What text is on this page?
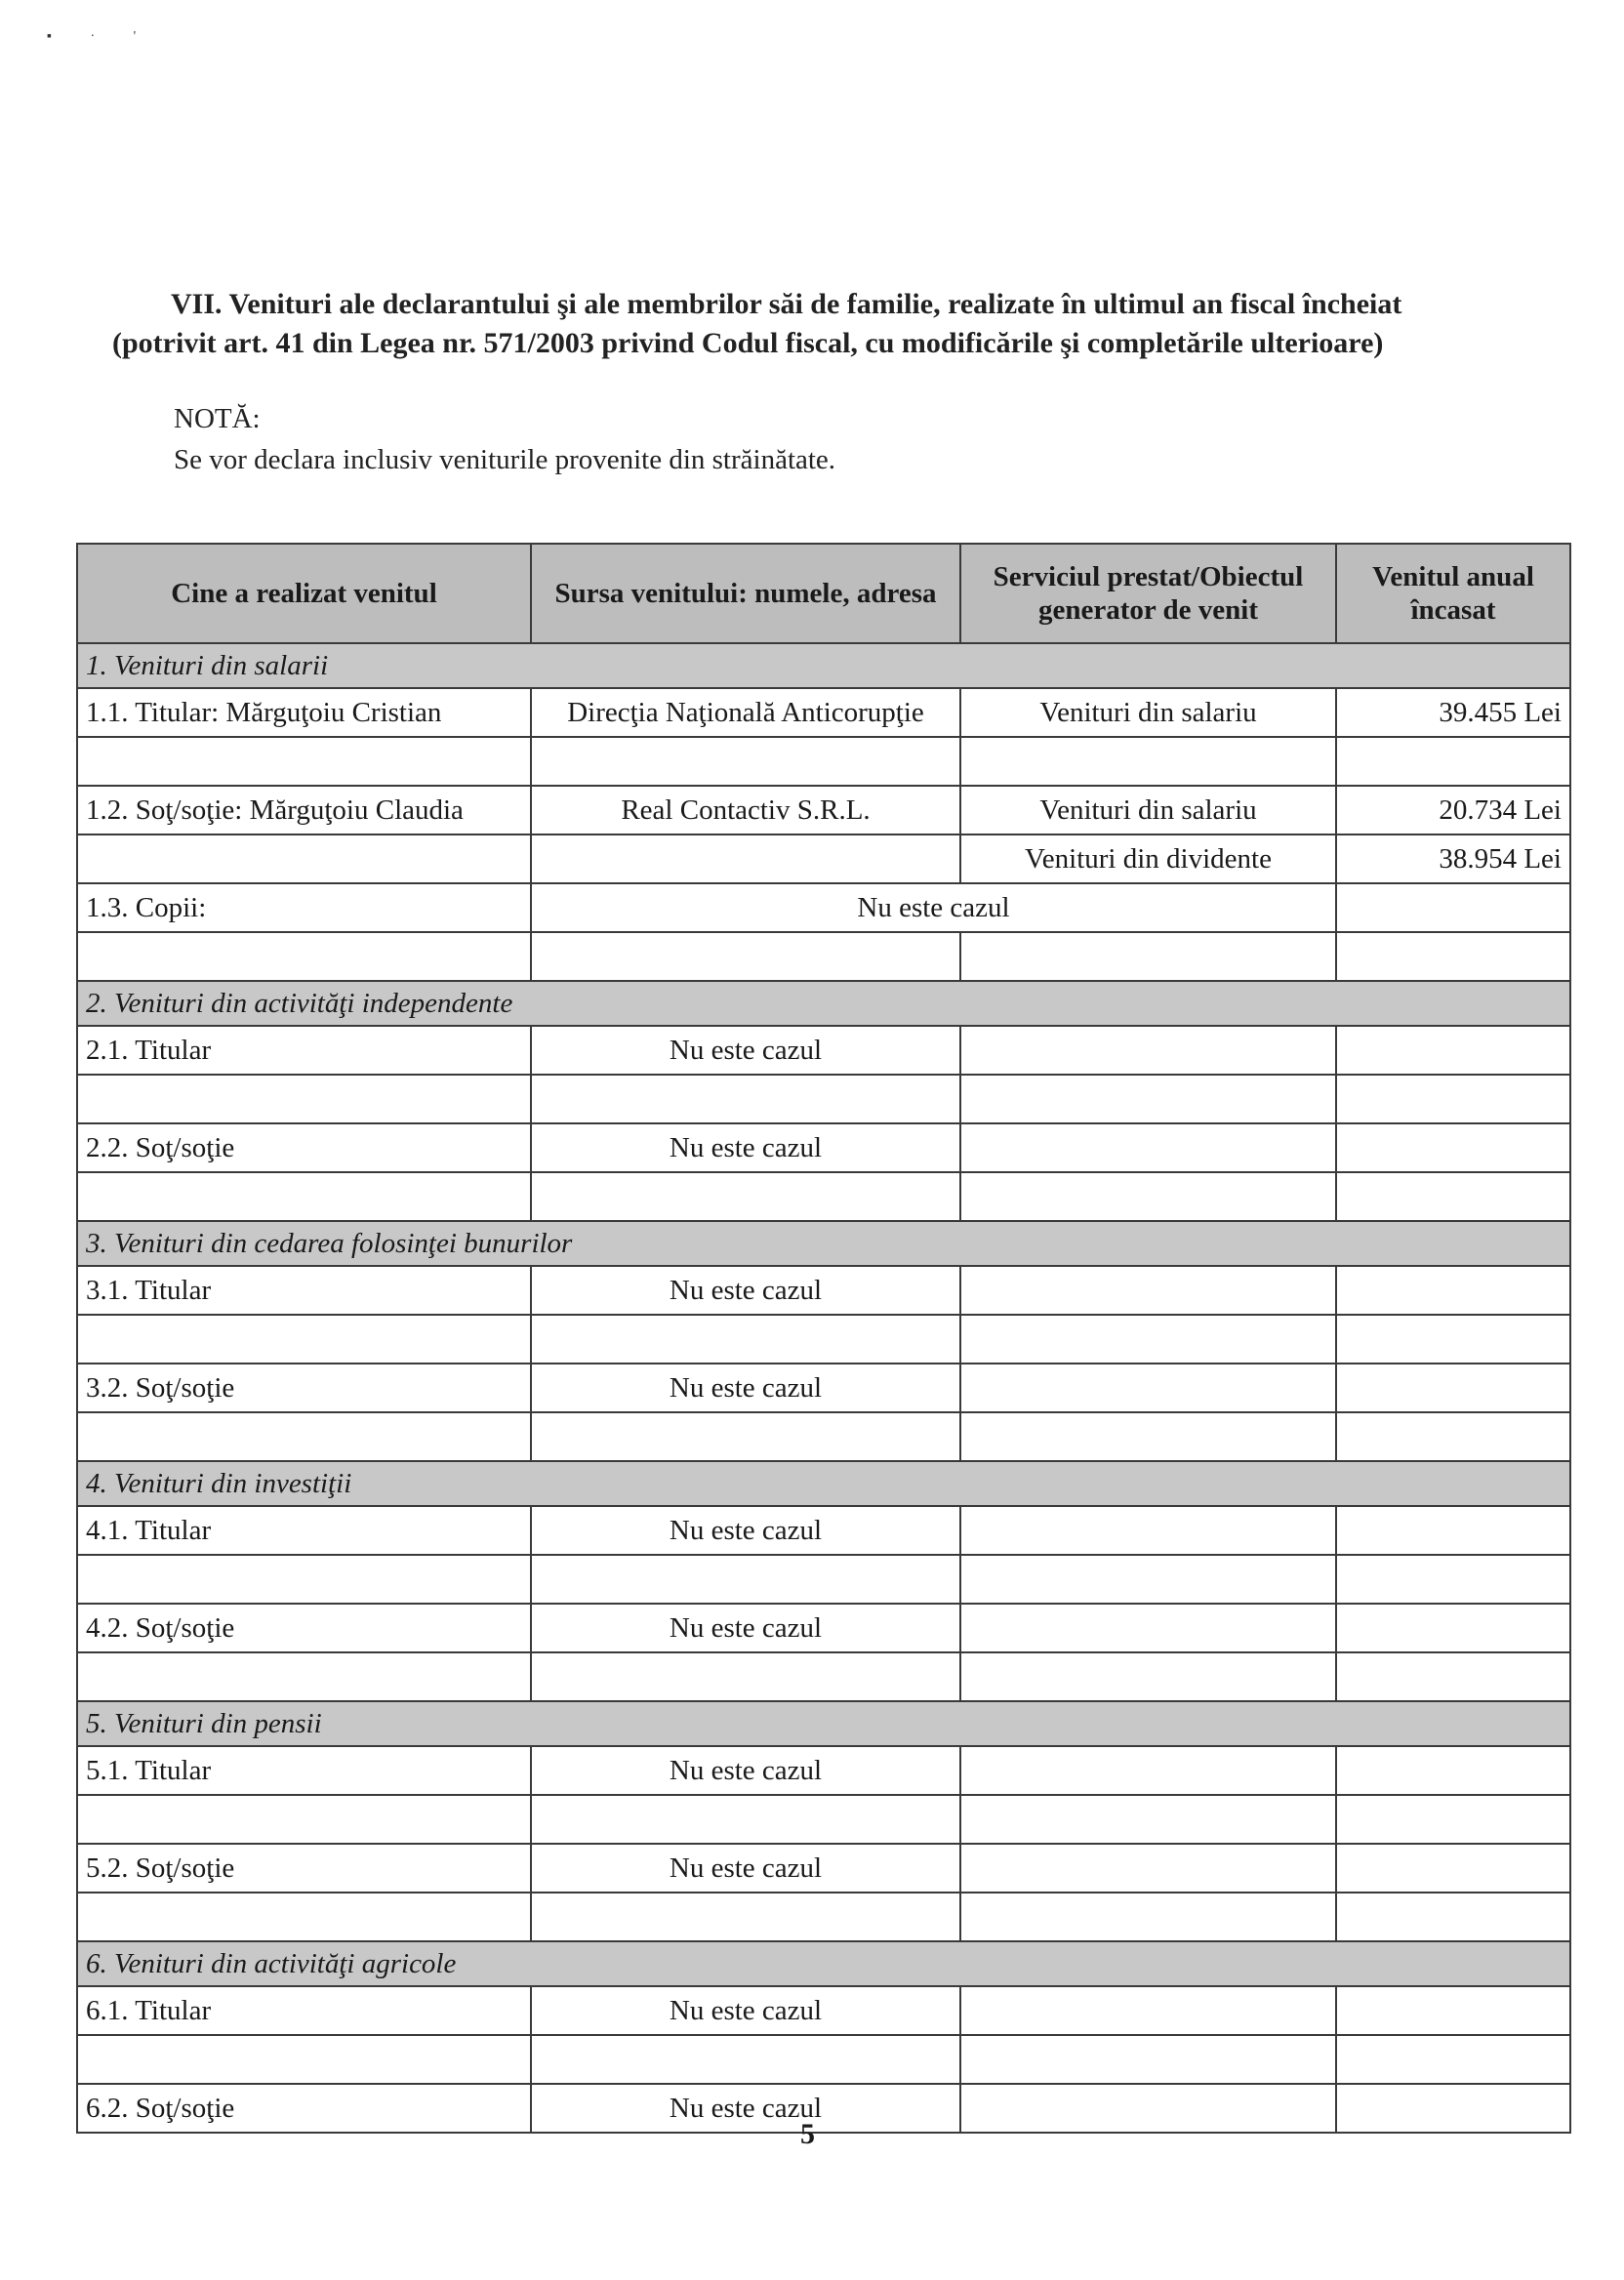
▪ · '
VII. Venituri ale declarantului şi ale membrilor săi de familie, realizate în ultimul an fiscal încheiat
(potrivit art. 41 din Legea nr. 571/2003 privind Codul fiscal, cu modificările şi completările ulterioare)
NOTĂ:
Se vor declara inclusiv veniturile provenite din străinătate.
Cine a realizat venitul	Sursa venitului: numele, adresa	Serviciul prestat/Obiectul generator de venit	Venitul anual încasat
1. Venituri din salarii			
1.1. Titular: Mărguţoiu Cristian	Direcţia Naţională Anticorupţie	Venituri din salariu	39.455 Lei

1.2. Soţ/soţie: Mărguţoiu Claudia	Real Contactiv S.R.L.	Venituri din salariu	20.734 Lei
		Venituri din dividente	38.954 Lei
1.3. Copii:	Nu este cazul		

2. Venituri din activităţi independente			
2.1. Titular	Nu este cazul		

2.2. Soţ/soţie	Nu este cazul		

3. Venituri din cedarea folosinţei bunurilor			
3.1. Titular	Nu este cazul		

3.2. Soţ/soţie	Nu este cazul		

4. Venituri din investiţii			
4.1. Titular	Nu este cazul		

4.2. Soţ/soţie	Nu este cazul		

5. Venituri din pensii			
5.1. Titular	Nu este cazul		

5.2. Soţ/soţie	Nu este cazul		

6. Venituri din activităţi agricole			
6.1. Titular	Nu este cazul		

6.2. Soţ/soţie	Nu este cazul		
5
